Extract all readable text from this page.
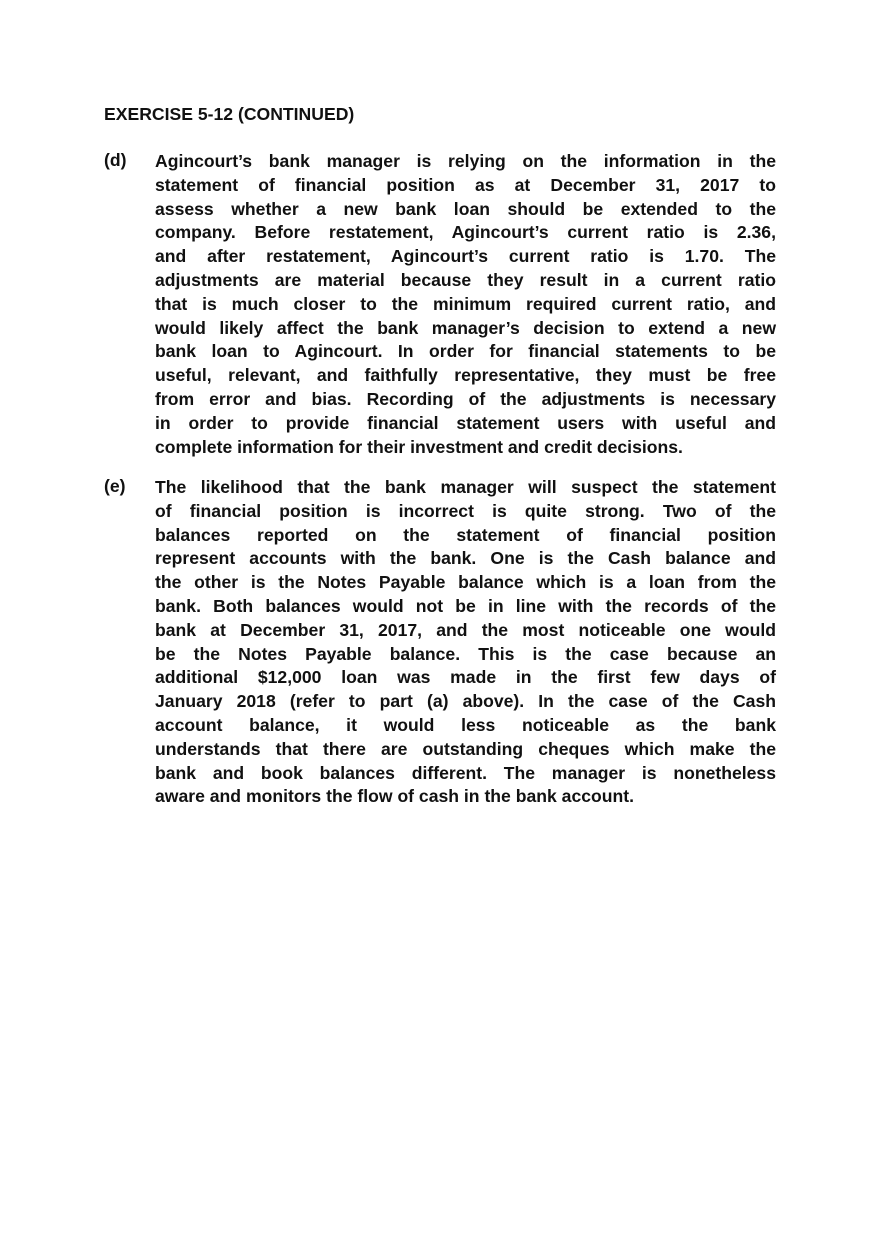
EXERCISE 5-12 (CONTINUED)
(d) Agincourt’s bank manager is relying on the information in the
statement of financial position as at December 31, 2017 to
assess whether a new bank loan should be extended to the
company. Before restatement, Agincourt’s current ratio is 2.36,
and after restatement, Agincourt’s current ratio is 1.70. The
adjustments are material because they result in a current ratio
that is much closer to the minimum required current ratio, and
would likely affect the bank manager’s decision to extend a new
bank loan to Agincourt. In order for financial statements to be
useful, relevant, and faithfully representative, they must be free
from error and bias. Recording of the adjustments is necessary
in order to provide financial statement users with useful and
complete information for their investment and credit decisions.
(e) The likelihood that the bank manager will suspect the statement
of financial position is incorrect is quite strong. Two of the
balances reported on the statement of financial position
represent accounts with the bank. One is the Cash balance and
the other is the Notes Payable balance which is a loan from the
bank. Both balances would not be in line with the records of the
bank at December 31, 2017, and the most noticeable one would
be the Notes Payable balance. This is the case because an
additional $12,000 loan was made in the first few days of
January 2018 (refer to part (a) above). In the case of the Cash
account balance, it would less noticeable as the bank
understands that there are outstanding cheques which make the
bank and book balances different. The manager is nonetheless
aware and monitors the flow of cash in the bank account.
